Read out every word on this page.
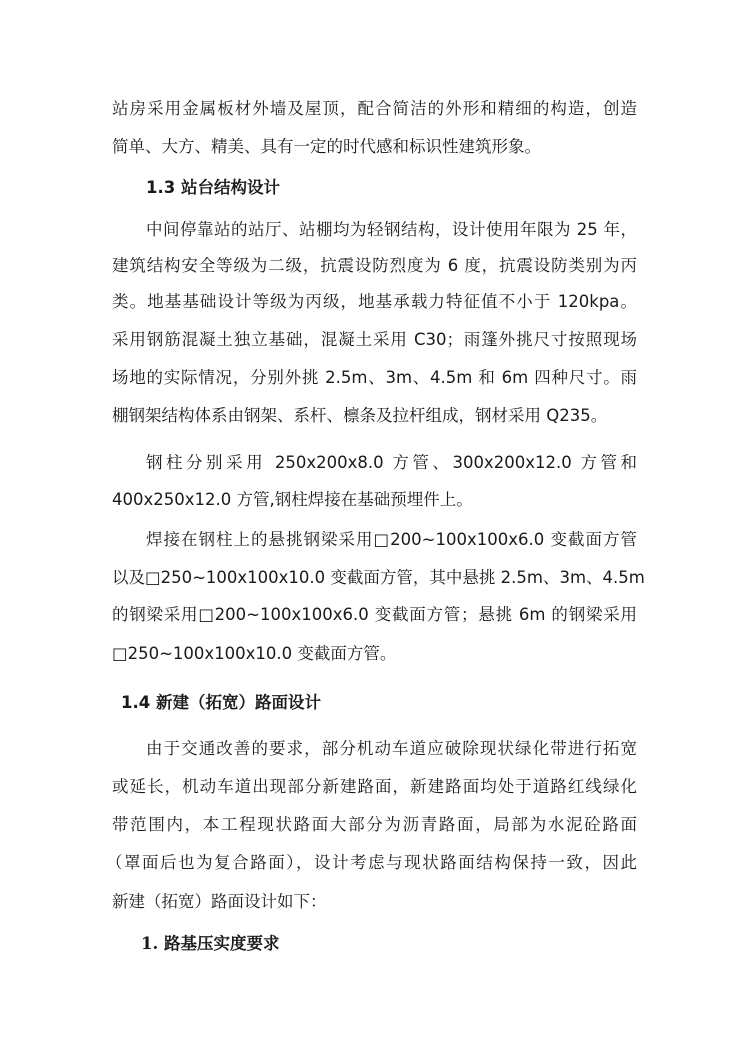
站房采用金属板材外墙及屋顶，配合简洁的外形和精细的构造，创造
简单、大方、精美、具有一定的时代感和标识性建筑形象。
1.3 站台结构设计
中间停靠站的站厅、站棚均为轻钢结构，设计使用年限为 25 年，
建筑结构安全等级为二级，抗震设防烈度为 6 度，抗震设防类别为丙
类。地基基础设计等级为丙级，地基承载力特征值不小于 120kpa。
采用钢筋混凝土独立基础，混凝土采用 C30；雨篷外挑尺寸按照现场
场地的实际情况，分别外挑 2.5m、3m、4.5m 和 6m 四种尺寸。雨
棚钢架结构体系由钢架、系杆、檩条及拉杆组成，钢材采用 Q235。
钢柱分别采用 250x200x8.0 方管、300x200x12.0 方管和
400x250x12.0 方管,钢柱焊接在基础预埋件上。
焊接在钢柱上的悬挑钢梁采用□200~100x100x6.0 变截面方管
以及□250~100x100x10.0 变截面方管，其中悬挑 2.5m、3m、4.5m
的钢梁采用□200~100x100x6.0 变截面方管；悬挑 6m 的钢梁采用
□250~100x100x10.0 变截面方管。
1.4 新建（拓宽）路面设计
由于交通改善的要求，部分机动车道应破除现状绿化带进行拓宽
或延长，机动车道出现部分新建路面，新建路面均处于道路红线绿化
带范围内，本工程现状路面大部分为沥青路面，局部为水泥砼路面
（罩面后也为复合路面），设计考虑与现状路面结构保持一致，因此
新建（拓宽）路面设计如下：
1. 路基压实度要求
